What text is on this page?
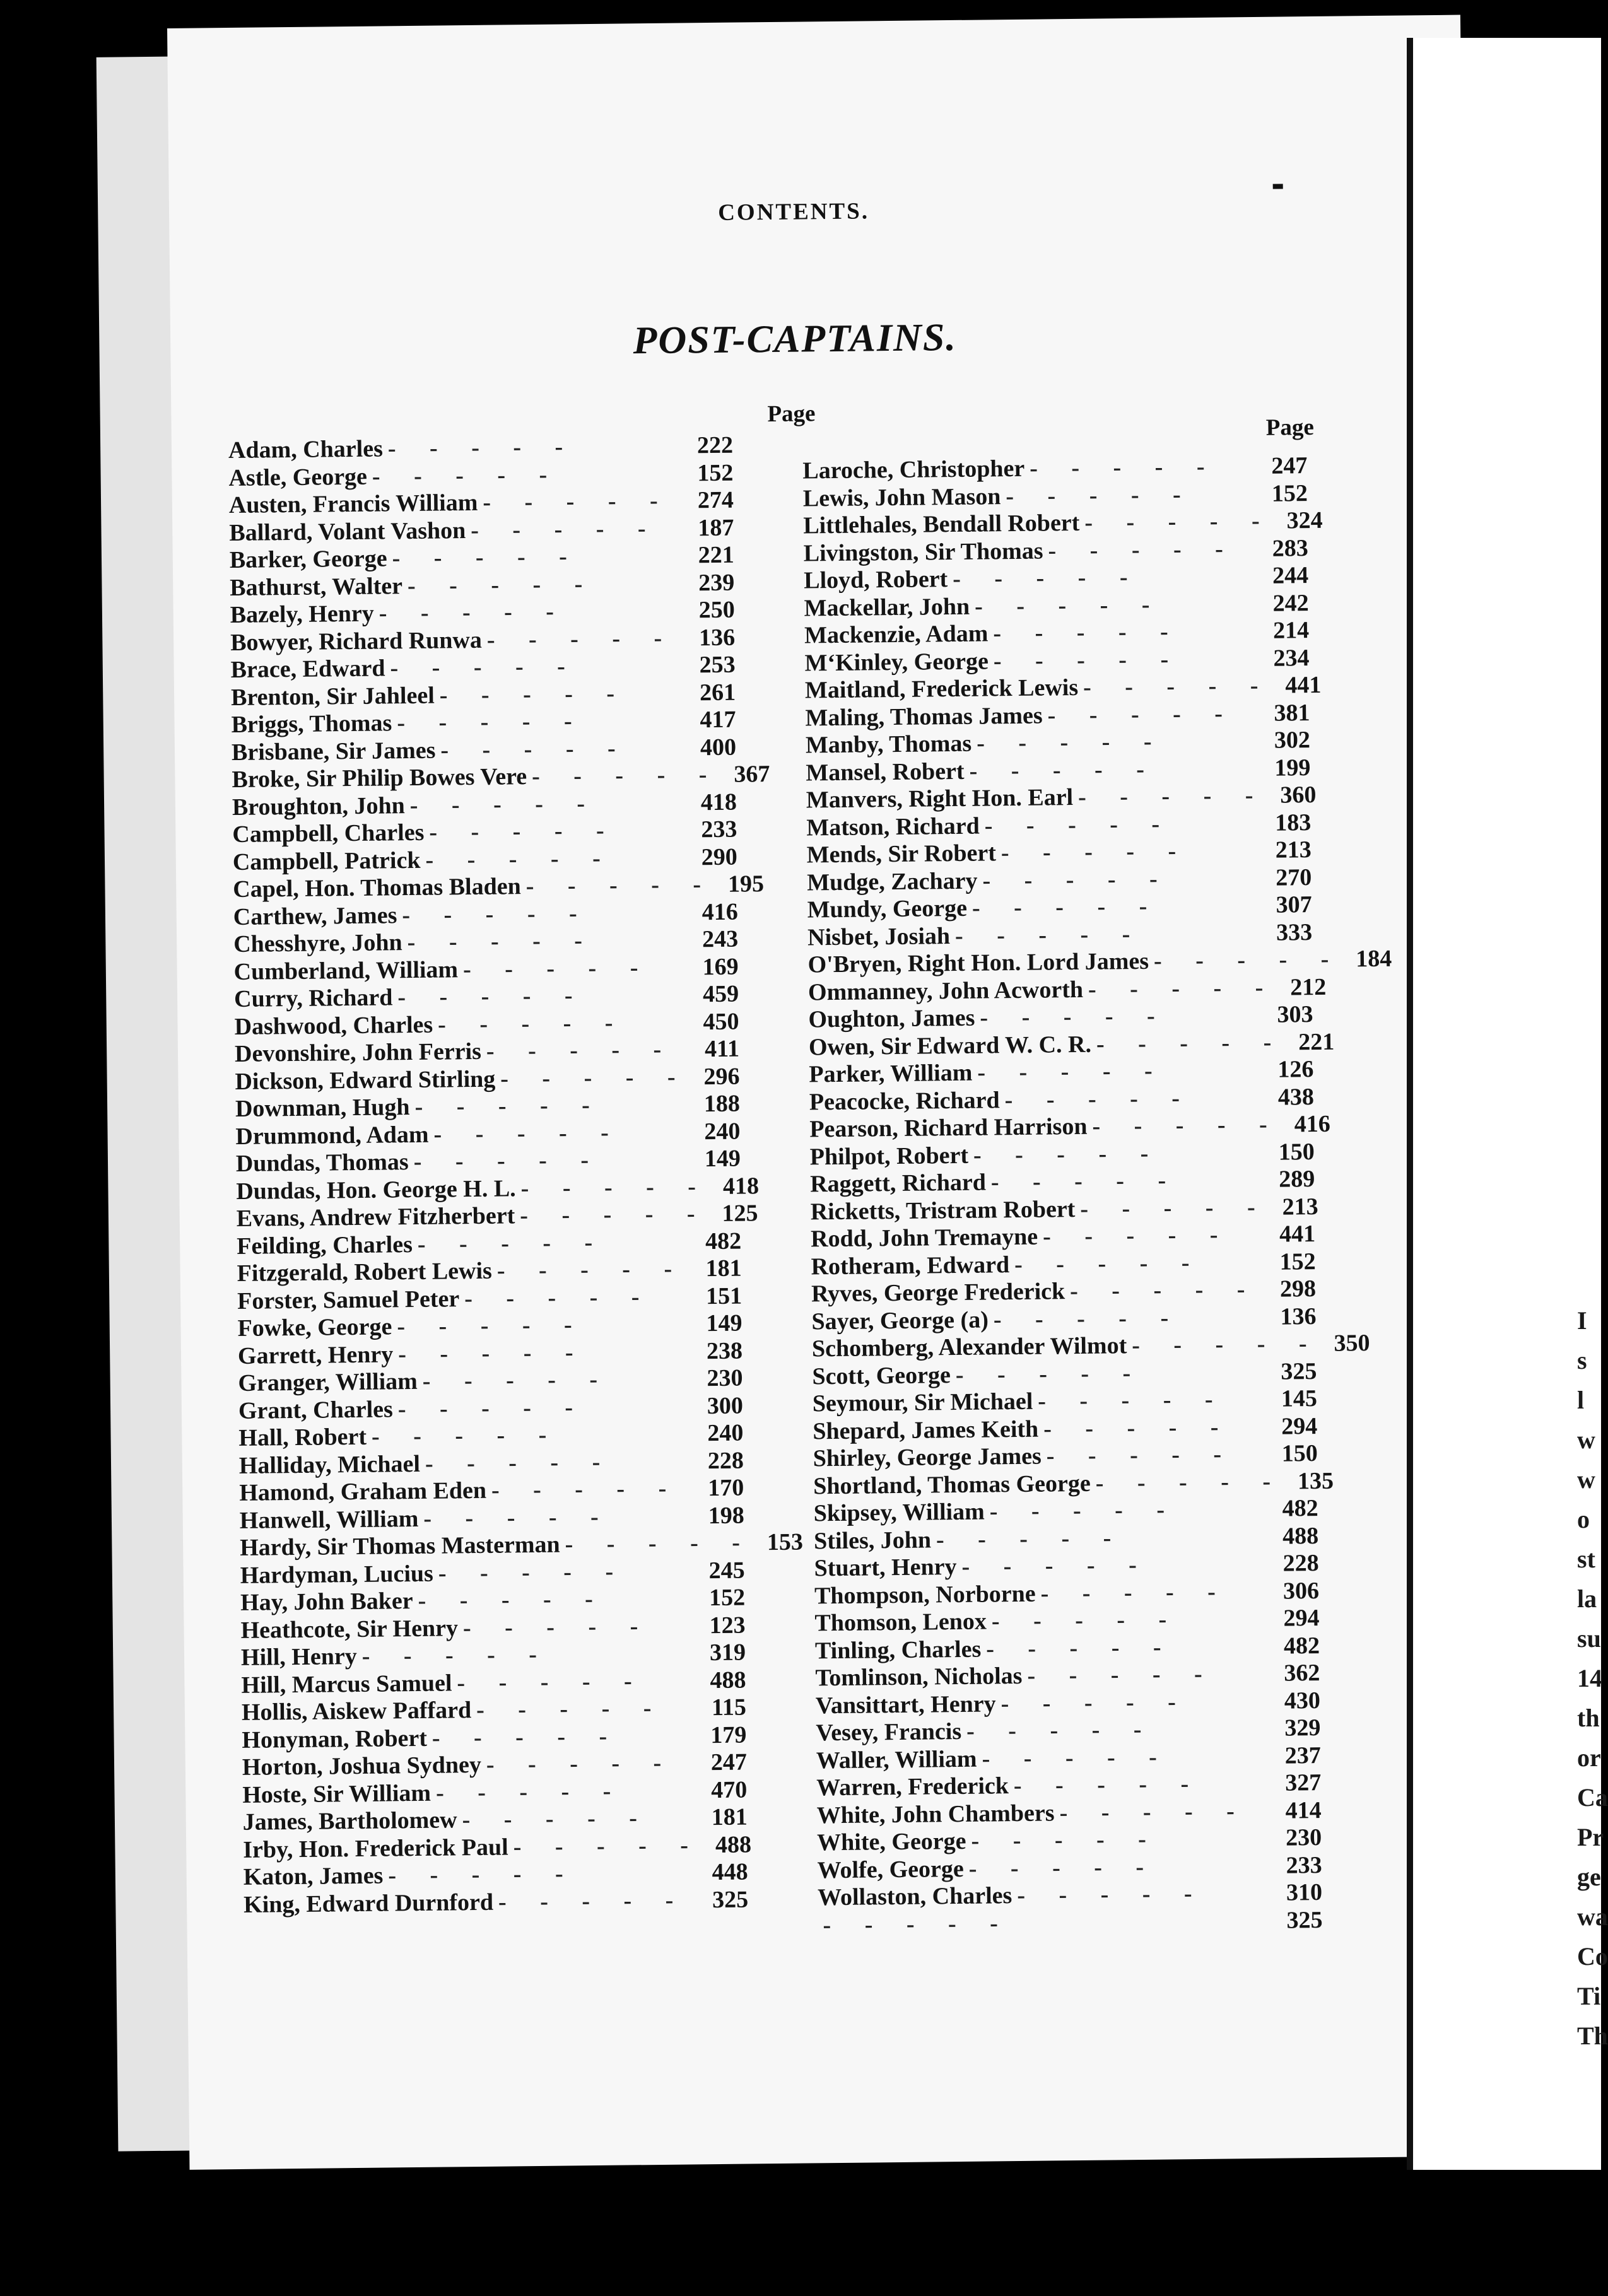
CONTENTS.
POST-CAPTAINS.
Page
Page
Adam, Charles - - - - -	222
Astle, George - - - - -	152
Austen, Francis William - - - - -	274
Ballard, Volant Vashon - - - - -	187
Barker, George - - - - -	221
Bathurst, Walter - - - - -	239
Bazely, Henry - - - - -	250
Bowyer, Richard Runwa - - - - - 136
Brace, Edward - - - - -	253
Brenton, Sir Jahleel - - - - -	261
Briggs, Thomas - - - - -	417
Brisbane, Sir James - - - - -	400
Broke, Sir Philip Bowes Vere - - - - - 367
Broughton, John - - - - -	418
Campbell, Charles - - - - -	233
Campbell, Patrick - - - - -	290
Capel, Hon. Thomas Bladen - - - - - 195
Carthew, James - - - - -	416
Chesshyre, John - - - - -	243
Cumberland, William - - - - -	169
Curry, Richard - - - - -	459
Dashwood, Charles - - - - -	450
Devonshire, John Ferris - - - - -	411
Dickson, Edward Stirling - - - - - 296
Downman, Hugh - - - - -	188
Drummond, Adam - - - - -	240
Dundas, Thomas - - - - -	149
Dundas, Hon. George H. L. - - - - - 418
Evans, Andrew Fitzherbert - - - - - 125
Feilding, Charles - - - - -	482
Fitzgerald, Robert Lewis - - - - - 181
Forster, Samuel Peter - - - - -	151
Fowke, George - - - - -	149
Garrett, Henry - - - - -	238
Granger, William - - - - -	230
Grant, Charles - - - - -	300
Hall, Robert - - - - -	240
Halliday, Michael - - - - -	228
Hamond, Graham Eden - - - - -	170
Hanwell, William - - - - -	198
Hardy, Sir Thomas Masterman - - - - - 153
Hardyman, Lucius - - - - -	245
Hay, John Baker - - - - -	152
Heathcote, Sir Henry - - - - -	123
Hill, Henry - - - - -	319
Hill, Marcus Samuel - - - - -	488
Hollis, Aiskew Paffard - - - - -	115
Honyman, Robert - - - - -	179
Horton, Joshua Sydney - - - - -	247
Hoste, Sir William - - - - -	470
James, Bartholomew - - - - -	181
Irby, Hon. Frederick Paul - - - - - 488
Katon, James - - - - -	448
King, Edward Durnford - - - - -	325
Laroche, Christopher - - - - -	247
Lewis, John Mason - - - - -	152
Littlehales, Bendall Robert - - - - - 324
Livingston, Sir Thomas - - - - -	283
Lloyd, Robert - - - - -	244
Mackellar, John - - - - -	242
Mackenzie, Adam - - - - -	214
M‘Kinley, George - - - - -	234
Maitland, Frederick Lewis - - - - - 441
Maling, Thomas James - - - - -	381
Manby, Thomas - - - - -	302
Mansel, Robert - - - - -	199
Manvers, Right Hon. Earl - - - - - 360
Matson, Richard - - - - -	183
Mends, Sir Robert - - - - -	213
Mudge, Zachary - - - - -	270
Mundy, George - - - - -	307
Nisbet, Josiah - - - - -	333
O'Bryen, Right Hon. Lord James - - - - - 184
Ommanney, John Acworth - - - - - 212
Oughton, James - - - - -	303
Owen, Sir Edward W. C. R. - - - - - 221
Parker, William - - - - -	126
Peacocke, Richard - - - - -	438
Pearson, Richard Harrison - - - - - 416
Philpot, Robert - - - - -	150
Raggett, Richard - - - - -	289
Ricketts, Tristram Robert - - - - - 213
Rodd, John Tremayne - - - - -	441
Rotheram, Edward - - - - -	152
Ryves, George Frederick - - - - - 298
Sayer, George (a) - - - - -	136
Schomberg, Alexander Wilmot - - - - - 350
Scott, George - - - - -	325
Seymour, Sir Michael - - - - -	145
Shepard, James Keith - - - - -	294
Shirley, George James - - - - -	150
Shortland, Thomas George - - - - - 135
Skipsey, William - - - - -	482
Stiles, John - - - - -	488
Stuart, Henry - - - - -	228
Thompson, Norborne - - - - -	306
Thomson, Lenox - - - - -	294
Tinling, Charles - - - - -	482
Tomlinson, Nicholas - - - - -	362
Vansittart, Henry - - - - -	430
Vesey, Francis - - - - -	329
Waller, William - - - - -	237
Warren, Frederick - - - - -	327
White, John Chambers - - - - -	414
White, George - - - - -	230
Wolfe, George - - - - -	233
Wollaston, Charles - - - - -	310
- - - - -	325
I
s
l
w
w
o
st
la
su
14
th
or
Ca
Pr
ge
wa
Co
Ti
Th
